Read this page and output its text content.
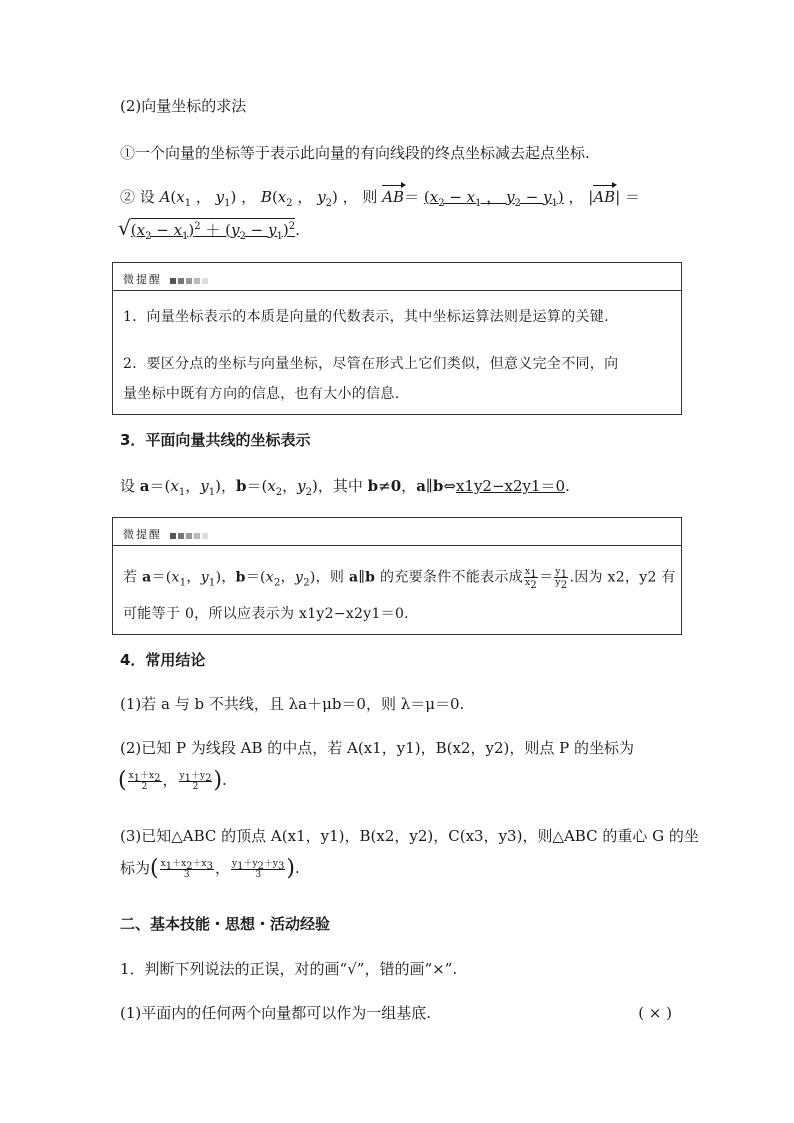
(2)向量坐标的求法
①一个向量的坐标等于表示此向量的有向线段的终点坐标减去起点坐标.
② 设 $A(x_1$ ， $y_1$) ， $B(x_2$ ， $y_2$) ， 则 $AB= (x_2 - x_1$ ， $y_2 - y_1$) ， |AB| ＝
$√(x_2 - x_1)^2 + (y_2 - y_1)^2$.
微提醒
1．向量坐标表示的本质是向量的代数表示，其中坐标运算法则是运算的关键.
2．要区分点的坐标与向量坐标，尽管在形式上它们类似，但意义完全不同，向
量坐标中既有方向的信息，也有大小的信息.
3．平面向量共线的坐标表示
设 $a=(x_1$，$y_1$)，$b=(x_2$，$y_2$)，其中 b≠0，a∥b⇔x1y2−x2y1＝0.
微提醒
若 $a=(x_1$，$y_1$)，$b=(x_2$，$y_2$)，则 a∥b 的充要条件不能表示成 $\frac{x_1}{x_2} = \frac{y_1}{y_2}$ .因为 x2，y2 有
可能等于 0，所以应表示为 x1y2−x2y1＝0.
4．常用结论
(1)若 a 与 b 不共线，且 λa＋μb＝0，则 λ＝μ＝0.
(2)已知 P 为线段 AB 的中点，若 A(x1，y1)，B(x2，y2)，则点 P 的坐标为
( $\frac{x_1+x_2}{2}$ ， $\frac{y_1+y_2}{2}$ ).
(3)已知△ABC 的顶点 A(x1，y1)，B(x2，y2)，C(x3，y3)，则△ABC 的重心 G 的坐
标为( $\frac{x_1+x_2+x_3}{3}$ ， $\frac{y_1+y_2+y_3}{3}$ ).
二、基本技能・思想・活动经验
1．判断下列说法的正误，对的画“√”，错的画“×”.
(1)平面内的任何两个向量都可以作为一组基底.	( × )
